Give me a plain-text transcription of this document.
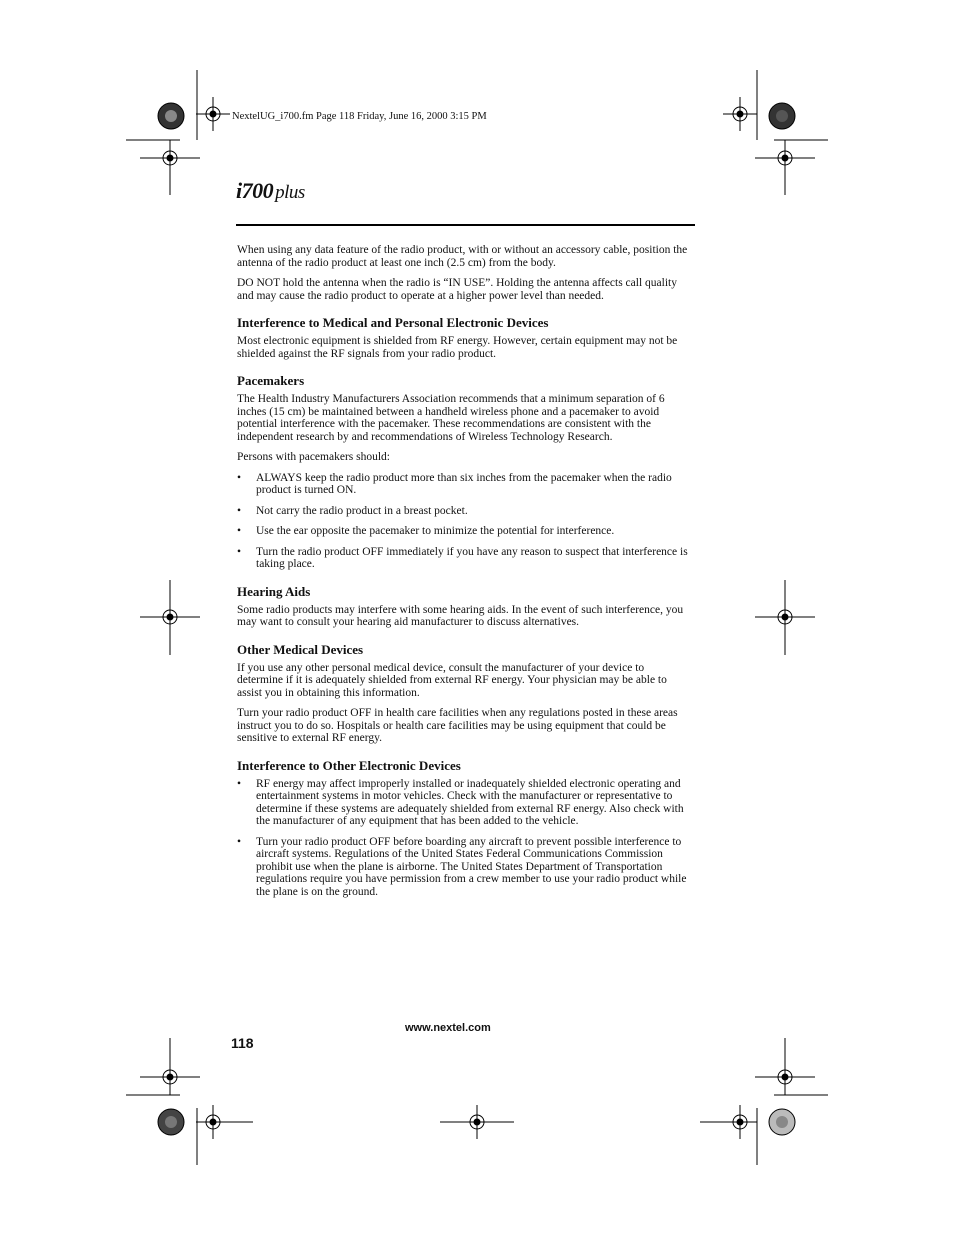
NextelUG_i700.fm Page 118 Friday, June 16, 2000 3:15 PM
i700 plus

When using any data feature of the radio product, with or without an accessory cable, position the antenna of the radio product at least one inch (2.5 cm) from the body.

DO NOT hold the antenna when the radio is “IN USE”. Holding the antenna affects call quality and may cause the radio product to operate at a higher power level than needed.

Interference to Medical and Personal Electronic Devices

Most electronic equipment is shielded from RF energy. However, certain equipment may not be shielded against the RF signals from your radio product.

Pacemakers

The Health Industry Manufacturers Association recommends that a minimum separation of 6 inches (15 cm) be maintained between a handheld wireless phone and a pacemaker to avoid potential interference with the pacemaker. These recommendations are consistent with the independent research by and recommendations of Wireless Technology Research.

Persons with pacemakers should:

• ALWAYS keep the radio product more than six inches from the pacemaker when the radio product is turned ON.
• Not carry the radio product in a breast pocket.
• Use the ear opposite the pacemaker to minimize the potential for interference.
• Turn the radio product OFF immediately if you have any reason to suspect that interference is taking place.
Hearing Aids

Some radio products may interfere with some hearing aids. In the event of such interference, you may want to consult your hearing aid manufacturer to discuss alternatives.

Other Medical Devices

If you use any other personal medical device, consult the manufacturer of your device to determine if it is adequately shielded from external RF energy. Your physician may be able to assist you in obtaining this information.

Turn your radio product OFF in health care facilities when any regulations posted in these areas instruct you to do so. Hospitals or health care facilities may be using equipment that could be sensitive to external RF energy.

Interference to Other Electronic Devices
• RF energy may affect improperly installed or inadequately shielded electronic operating and entertainment systems in motor vehicles. Check with the manufacturer or representative to determine if these systems are adequately shielded from external RF energy. Also check with the manufacturer of any equipment that has been added to the vehicle.
• Turn your radio product OFF before boarding any aircraft to prevent possible interference to aircraft systems. Regulations of the United States Federal Communications Commission prohibit use when the plane is airborne. The United States Department of Transportation regulations require you have permission from a crew member to use your radio product while the plane is on the ground.
www.nextel.com
118
